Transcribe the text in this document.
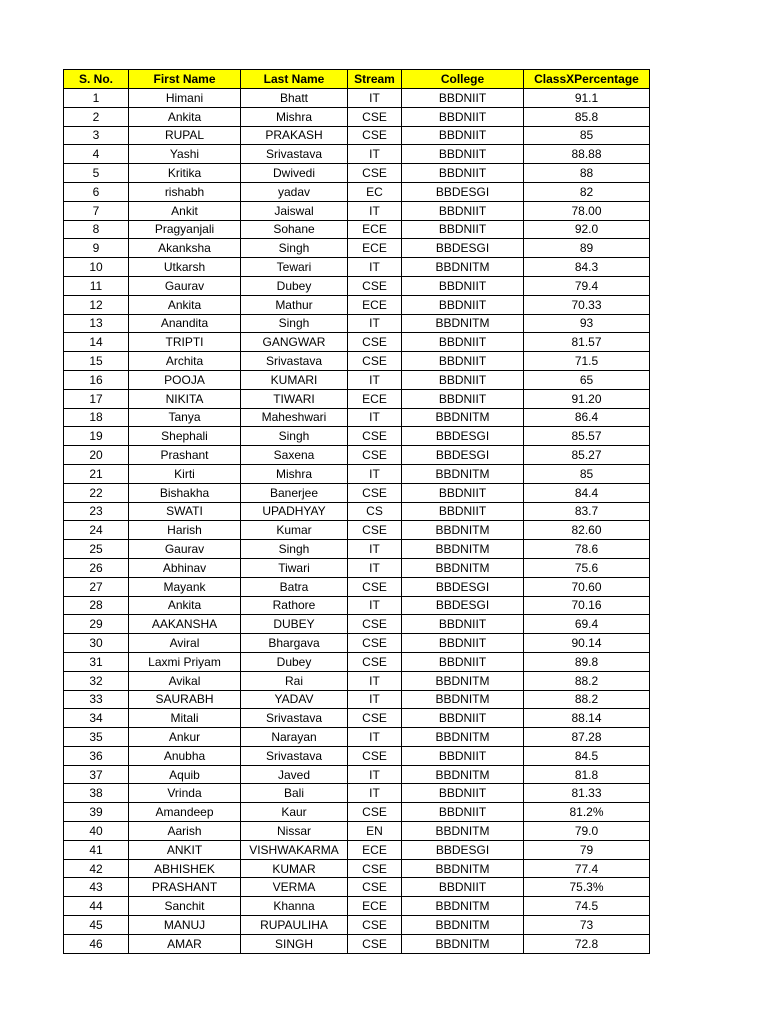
S. No.	First Name	Last Name	Stream	College	ClassXPercentage
1	Himani	Bhatt	IT	BBDNIIT	91.1
2	Ankita	Mishra	CSE	BBDNIIT	85.8
3	RUPAL	PRAKASH	CSE	BBDNIIT	85
4	Yashi	Srivastava	IT	BBDNIIT	88.88
5	Kritika	Dwivedi	CSE	BBDNIIT	88
6	rishabh	yadav	EC	BBDESGI	82
7	Ankit	Jaiswal	IT	BBDNIIT	78.00
8	Pragyanjali	Sohane	ECE	BBDNIIT	92.0
9	Akanksha	Singh	ECE	BBDESGI	89
10	Utkarsh	Tewari	IT	BBDNITM	84.3
11	Gaurav	Dubey	CSE	BBDNIIT	79.4
12	Ankita	Mathur	ECE	BBDNIIT	70.33
13	Anandita	Singh	IT	BBDNITM	93
14	TRIPTI	GANGWAR	CSE	BBDNIIT	81.57
15	Archita	Srivastava	CSE	BBDNIIT	71.5
16	POOJA	KUMARI	IT	BBDNIIT	65
17	NIKITA	TIWARI	ECE	BBDNIIT	91.20
18	Tanya	Maheshwari	IT	BBDNITM	86.4
19	Shephali	Singh	CSE	BBDESGI	85.57
20	Prashant	Saxena	CSE	BBDESGI	85.27
21	Kirti	Mishra	IT	BBDNITM	85
22	Bishakha	Banerjee	CSE	BBDNIIT	84.4
23	SWATI	UPADHYAY	CS	BBDNIIT	83.7
24	Harish	Kumar	CSE	BBDNITM	82.60
25	Gaurav	Singh	IT	BBDNITM	78.6
26	Abhinav	Tiwari	IT	BBDNITM	75.6
27	Mayank	Batra	CSE	BBDESGI	70.60
28	Ankita	Rathore	IT	BBDESGI	70.16
29	AAKANSHA	DUBEY	CSE	BBDNIIT	69.4
30	Aviral	Bhargava	CSE	BBDNIIT	90.14
31	Laxmi Priyam	Dubey	CSE	BBDNIIT	89.8
32	Avikal	Rai	IT	BBDNITM	88.2
33	SAURABH	YADAV	IT	BBDNITM	88.2
34	Mitali	Srivastava	CSE	BBDNIIT	88.14
35	Ankur	Narayan	IT	BBDNITM	87.28
36	Anubha	Srivastava	CSE	BBDNIIT	84.5
37	Aquib	Javed	IT	BBDNITM	81.8
38	Vrinda	Bali	IT	BBDNIIT	81.33
39	Amandeep	Kaur	CSE	BBDNIIT	81.2%
40	Aarish	Nissar	EN	BBDNITM	79.0
41	ANKIT	VISHWAKARMA	ECE	BBDESGI	79
42	ABHISHEK	KUMAR	CSE	BBDNITM	77.4
43	PRASHANT	VERMA	CSE	BBDNIIT	75.3%
44	Sanchit	Khanna	ECE	BBDNITM	74.5
45	MANUJ	RUPAULIHA	CSE	BBDNITM	73
46	AMAR	SINGH	CSE	BBDNITM	72.8
